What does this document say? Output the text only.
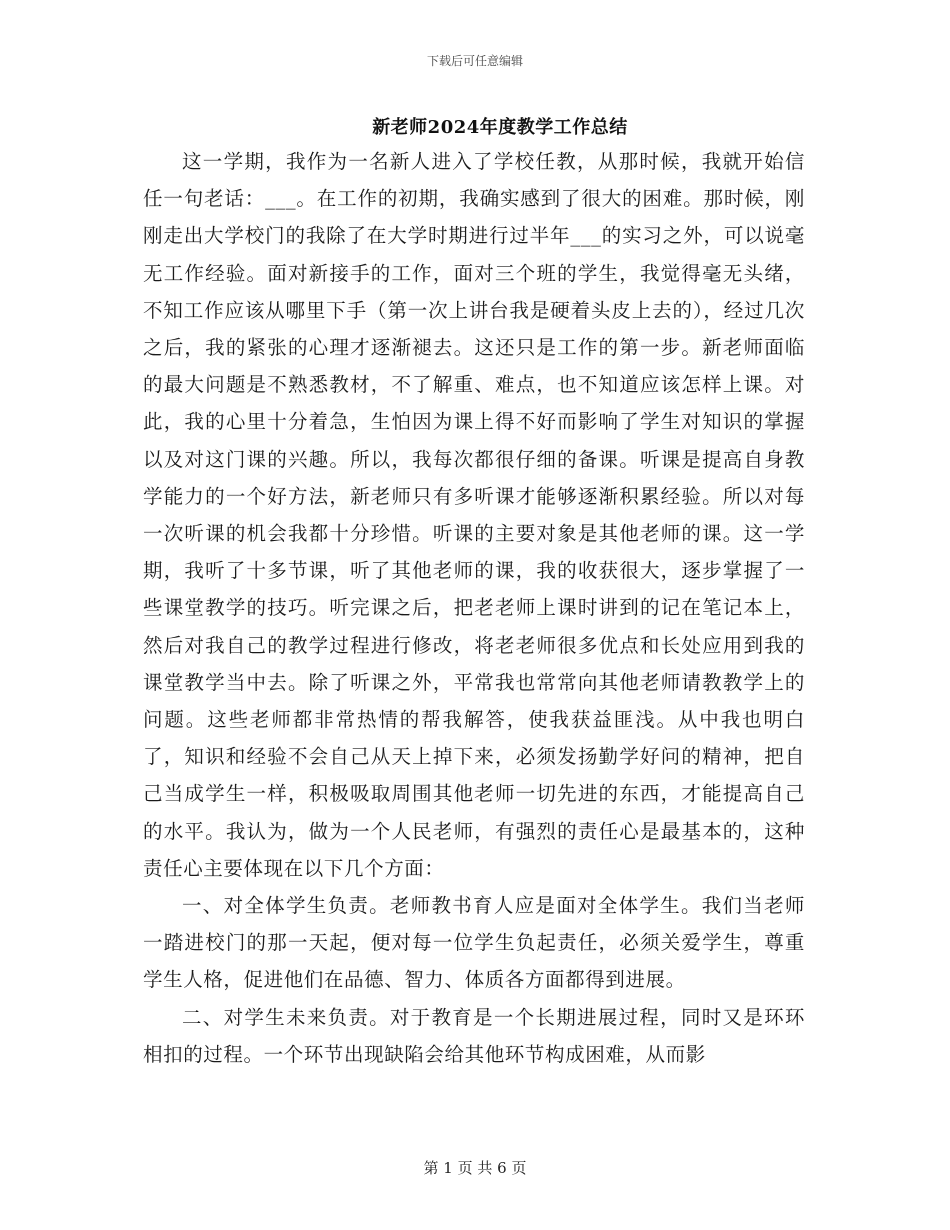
下载后可任意编辑
新老师2024年度教学工作总结

这一学期，我作为一名新人进入了学校任教，从那时候，我就开始信任一句老话：___。在工作的初期，我确实感到了很大的困难。那时候，刚刚走出大学校门的我除了在大学时期进行过半年___的实习之外，可以说毫无工作经验。面对新接手的工作，面对三个班的学生，我觉得毫无头绪，不知工作应该从哪里下手（第一次上讲台我是硬着头皮上去的），经过几次之后，我的紧张的心理才逐渐褪去。这还只是工作的第一步。新老师面临的最大问题是不熟悉教材，不了解重、难点，也不知道应该怎样上课。对此，我的心里十分着急，生怕因为课上得不好而影响了学生对知识的掌握以及对这门课的兴趣。所以，我每次都很仔细的备课。听课是提高自身教学能力的一个好方法，新老师只有多听课才能够逐渐积累经验。所以对每一次听课的机会我都十分珍惜。听课的主要对象是其他老师的课。这一学期，我听了十多节课，听了其他老师的课，我的收获很大，逐步掌握了一些课堂教学的技巧。听完课之后，把老老师上课时讲到的记在笔记本上，然后对我自己的教学过程进行修改，将老老师很多优点和长处应用到我的课堂教学当中去。除了听课之外，平常我也常常向其他老师请教教学上的问题。这些老师都非常热情的帮我解答，使我获益匪浅。从中我也明白了，知识和经验不会自己从天上掉下来，必须发扬勤学好问的精神，把自己当成学生一样，积极吸取周围其他老师一切先进的东西，才能提高自己的水平。我认为，做为一个人民老师，有强烈的责任心是最基本的，这种责任心主要体现在以下几个方面：

一、对全体学生负责。老师教书育人应是面对全体学生。我们当老师一踏进校门的那一天起，便对每一位学生负起责任，必须关爱学生，尊重学生人格，促进他们在品德、智力、体质各方面都得到进展。

二、对学生未来负责。对于教育是一个长期进展过程，同时又是环环相扣的过程。一个环节出现缺陷会给其他环节构成困难，从而影

第 1 页 共 6 页
